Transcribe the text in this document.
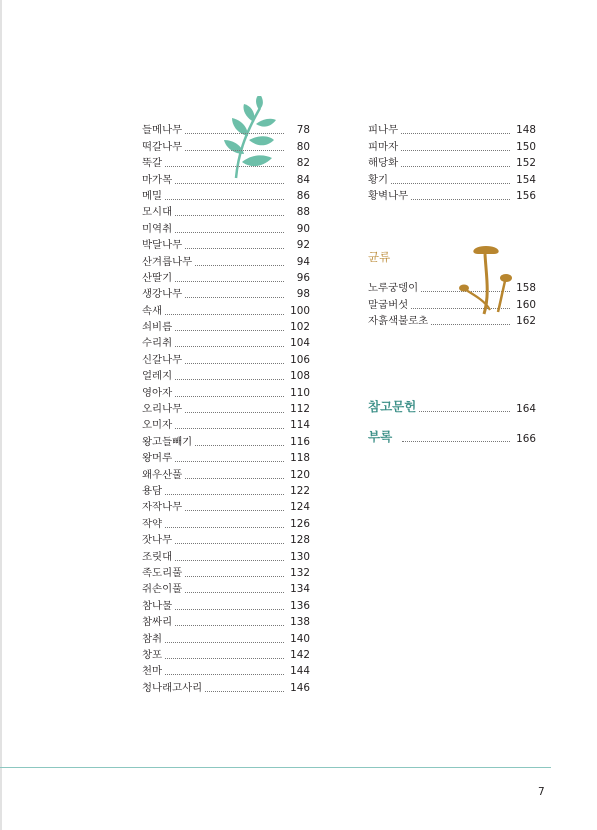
들메나무	78
떡갈나무	80
뚝갈	82
마가목	84
메밀	86
모시대	88
미역취	90
박달나무	92
산겨릅나무	94
산딸기	96
생강나무	98
속새	100
쇠비름	102
수리취	104
신갈나무	106
얼레지	108
영아자	110
오리나무	112
오미자	114
왕고들빼기	116
왕머루	118
왜우산풀	120
용담	122
자작나무	124
작약	126
잣나무	128
조릿대	130
족도리풀	132
쥐손이풀	134
참나물	136
참싸리	138
참취	140
창포	142
천마	144
청나래고사리	146
피나무	148
피마자	150
해당화	152
황기	154
황벽나무	156
균류
노루궁뎅이	158
말굽버섯	160
자흙색불로초	162
참고문헌	164
부록	166
7
